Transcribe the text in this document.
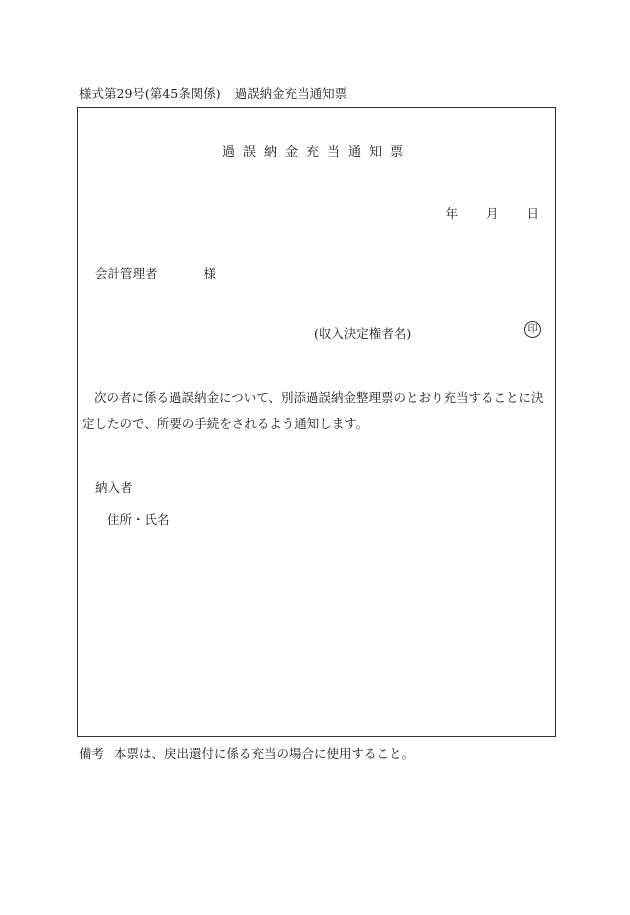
様式第29号(第45条関係) 過誤納金充当通知票
過誤納金充当通知票
年 月 日
会計管理者	様
(収入決定権者名)	印
次の者に係る過誤納金について、別添過誤納金整理票のとおり充当することに決定したので、所要の手続をされるよう通知します。
納入者
住所・氏名
備考 本票は、戻出還付に係る充当の場合に使用すること。
